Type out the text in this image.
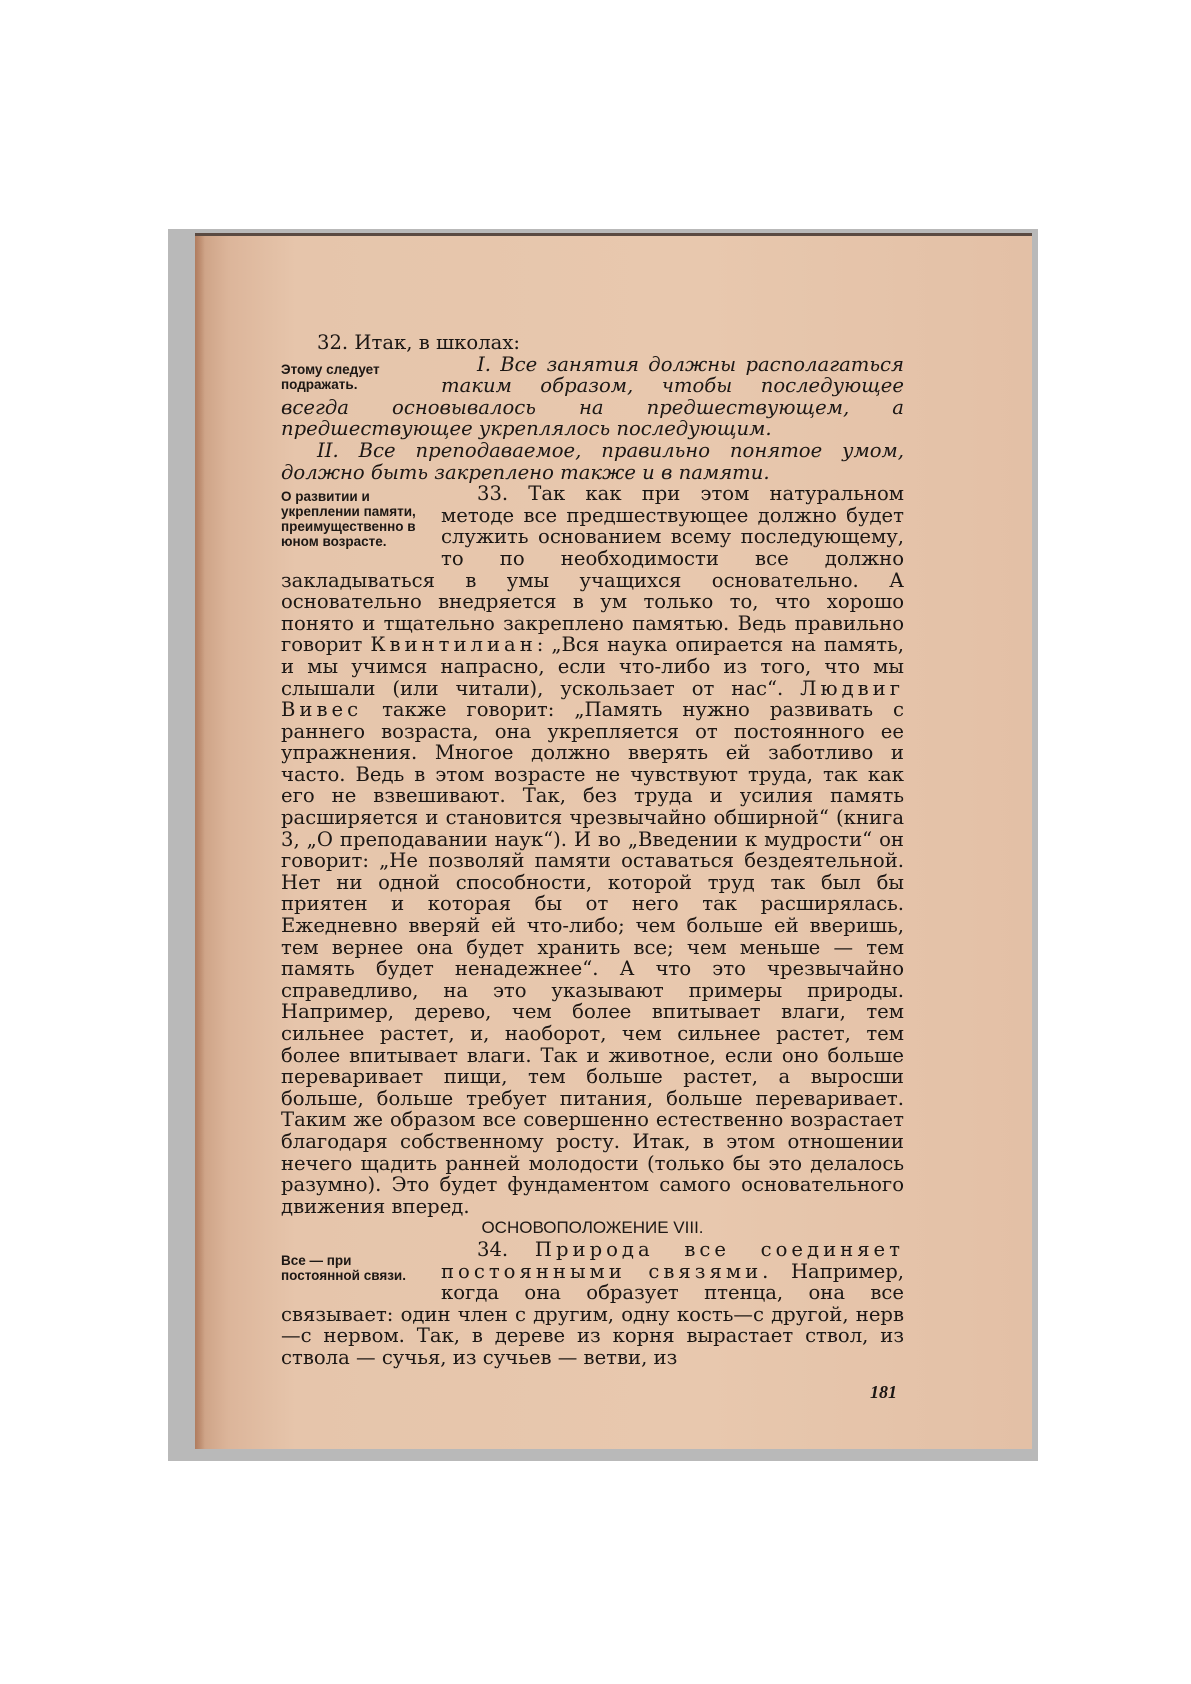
32. Итак, в школах:

Этому следует подражать.

I. Все занятия должны располагаться таким образом, чтобы последующее всегда основывалось на предшествующем, а предшествующее укреплялось последующим.

II. Все преподаваемое, правильно понятое умом, должно быть закреплено также и в памяти.

О развитии и укреплении памяти, преимущественно в юном возрасте.

33. Так как при этом натуральном методе все предшествующее должно будет служить основанием всему последующему, то по необходимости все должно закладываться в умы учащихся основательно. А основательно внедряется в ум только то, что хорошо понято и тщательно закреплено памятью. Ведь правильно говорит Квинтилиан: „Вся наука опирается на память, и мы учимся напрасно, если что-либо из того, что мы слышали (или читали), ускользает от нас“. Людвиг Вивес также говорит: „Память нужно развивать с раннего возраста, она укрепляется от постоянного ее упражнения. Многое должно вверять ей заботливо и часто. Ведь в этом возрасте не чувствуют труда, так как его не взвешивают. Так, без труда и усилия память расширяется и становится чрезвычайно обширной“ (книга 3, „О преподавании наук“). И во „Введении к мудрости“ он говорит: „Не позволяй памяти оставаться бездеятельной. Нет ни одной способности, которой труд так был бы приятен и которая бы от него так расширялась. Ежедневно вверяй ей что-либо; чем больше ей вверишь, тем вернее она будет хранить все; чем меньше — тем память будет ненадежнее“. А что это чрезвычайно справедливо, на это указывают примеры природы. Например, дерево, чем более впитывает влаги, тем сильнее растет, и, наоборот, чем сильнее растет, тем более впитывает влаги. Так и животное, если оно больше переваривает пищи, тем больше растет, а выросши больше, больше требует питания, больше переваривает. Таким же образом все совершенно естественно возрастает благодаря собственному росту. Итак, в этом отношении нечего щадить ранней молодости (только бы это делалось разумно). Это будет фундаментом самого основательного движения вперед.

ОСНОВОПОЛОЖЕНИЕ VIII.

Все — при постоянной связи.

34. Природа все соединяет постоянными связями. Например, когда она образует птенца, она все связывает: один член с другим, одну кость—с другой, нерв—с нервом. Так, в дереве из корня вырастает ствол, из ствола — сучья, из сучьев — ветви, из

181
